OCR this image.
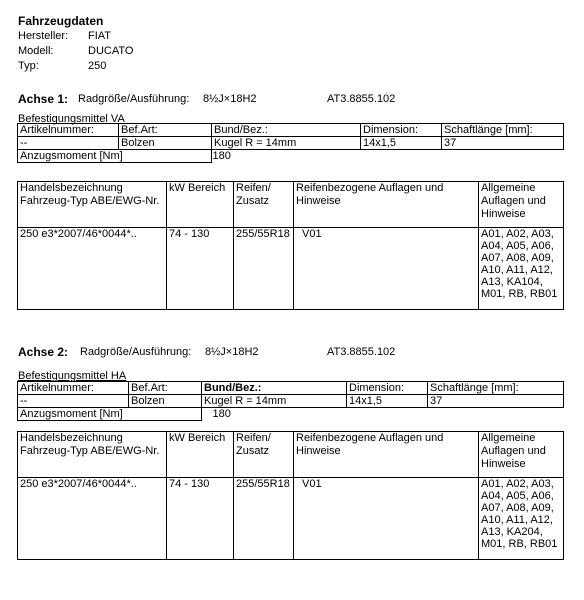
Fahrzeugdaten
Hersteller: FIAT
Modell:	DUCATO
Typ:	250
Achse 1: Radgröße/Ausführung: 8½J×18H2	AT3.8855.102
Befestigungsmittel VA
Artikelnummer:	Bef.Art:	Bund/Bez.:	Dimension:	Schaftlänge [mm]:
--	Bolzen	Kugel R = 14mm	14x1,5	37
Anzugsmoment [Nm] 180				

Handelsbezeichnung Fahrzeug-Typ ABE/EWG-Nr.	kW Bereich	Reifen/ Zusatz	Reifenbezogene Auflagen und Hinweise	Allgemeine Auflagen und Hinweise
250 e3*2007/46*0044*..	74 - 130	255/55R18	V01	A01, A02, A03, A04, A05, A06, A07, A08, A09, A10, A11, A12, A13, KA104, M01, RB, RB01
Achse 2: Radgröße/Ausführung: 8½J×18H2	AT3.8855.102
Befestigungsmittel HA
Artikelnummer:	Bef.Art:	Bund/Bez.:	Dimension:	Schaftlänge [mm]:
--	Bolzen	Kugel R = 14mm	14x1,5	37
Anzugsmoment [Nm] 180				

Handelsbezeichnung Fahrzeug-Typ ABE/EWG-Nr.	kW Bereich	Reifen/ Zusatz	Reifenbezogene Auflagen und Hinweise	Allgemeine Auflagen und Hinweise
250 e3*2007/46*0044*..	74 - 130	255/55R18	V01	A01, A02, A03, A04, A05, A06, A07, A08, A09, A10, A11, A12, A13, KA204, M01, RB, RB01
